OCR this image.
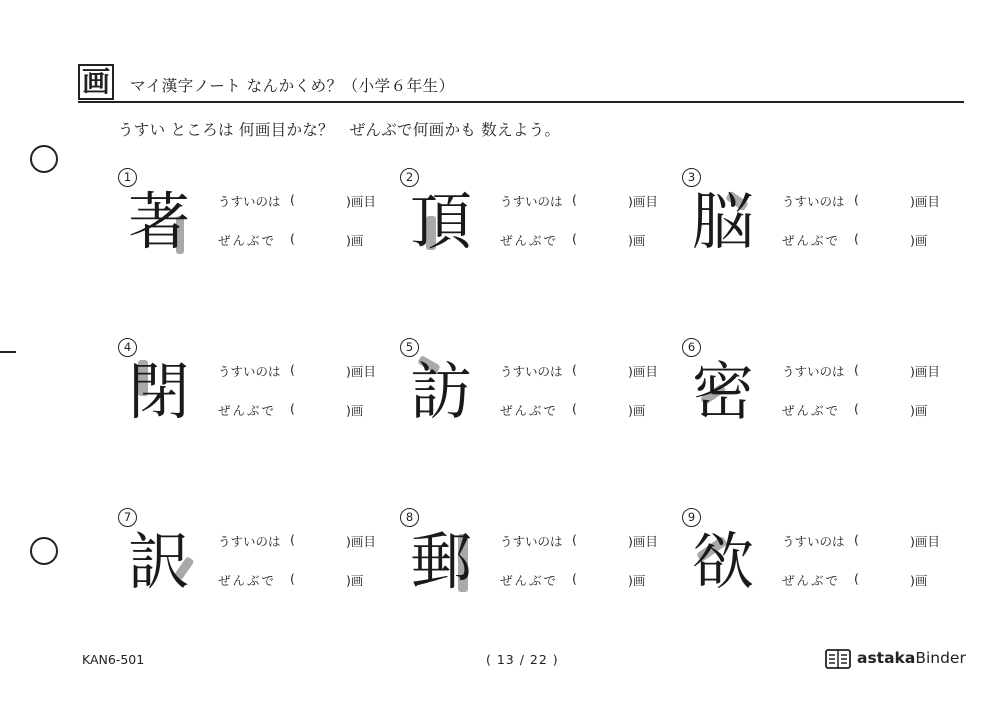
画 マイ漢字ノート なんかくめ？（小学６年生）
うすい ところは 何画目かな？　ぜんぶで何画かも 数えよう。
1
著 うすいのは (	)画目
ぜんぶで (	)画
2
頂 うすいのは (	)画目
ぜんぶで (	)画
3
脳 うすいのは (	)画目
ぜんぶで (	)画
4
閉 うすいのは (	)画目
ぜんぶで (	)画
5
訪 うすいのは (	)画目
ぜんぶで (	)画
6
密 うすいのは (	)画目
ぜんぶで (	)画
7
訳 うすいのは (	)画目
ぜんぶで (	)画
8
郵 うすいのは (	)画目
ぜんぶで (	)画
9
欲 うすいのは (	)画目
ぜんぶで (	)画
KAN6-501	( 13 / 22 )	astakaBinder
